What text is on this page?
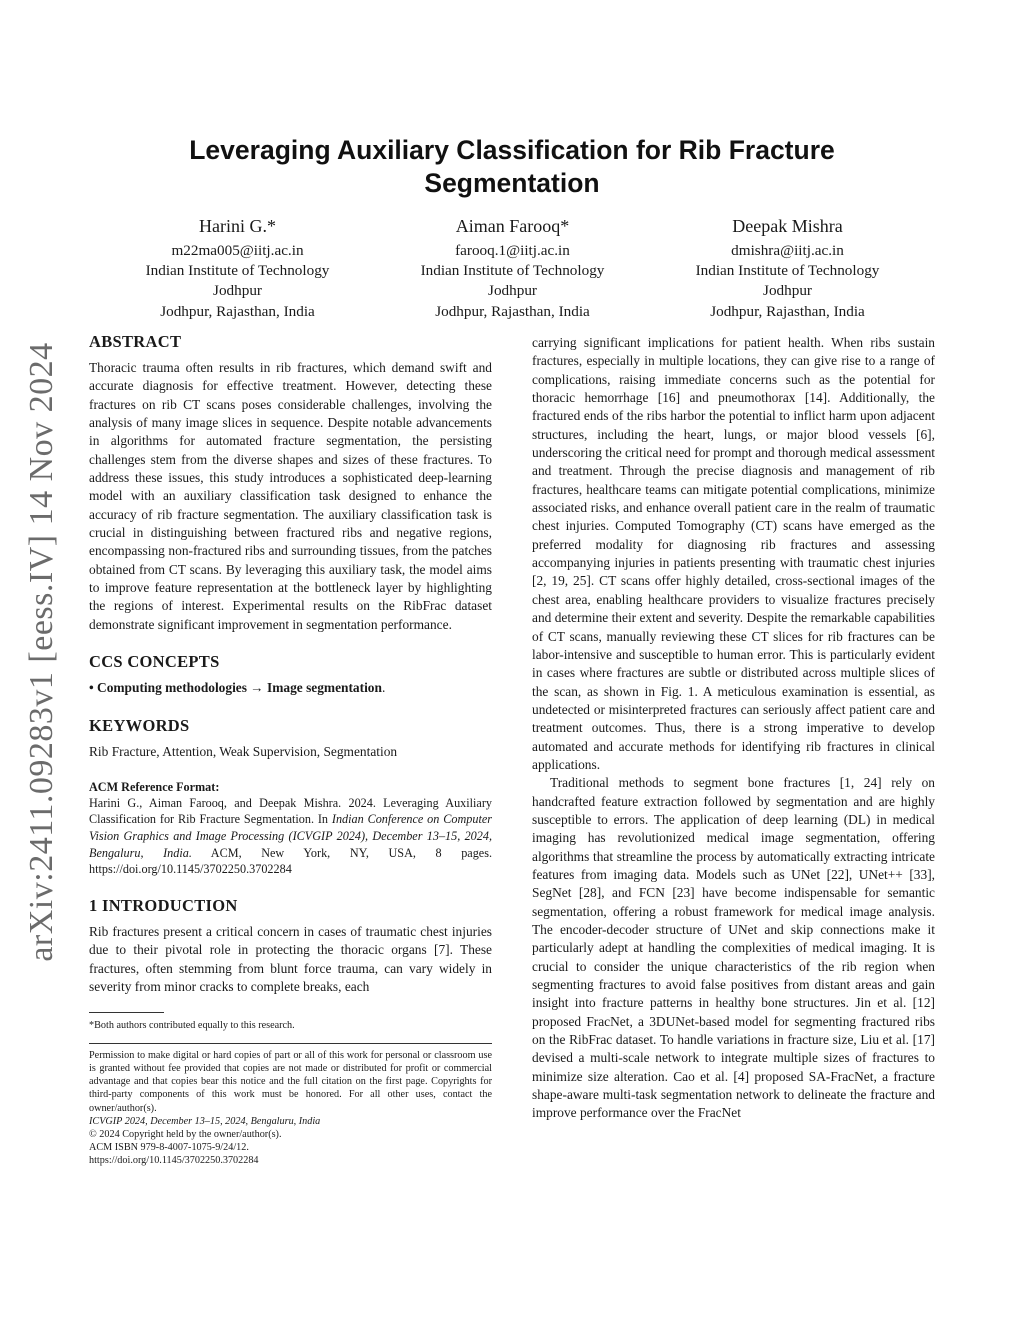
arXiv:2411.09283v1 [eess.IV] 14 Nov 2024
Leveraging Auxiliary Classification for Rib Fracture Segmentation
Harini G.*
m22ma005@iitj.ac.in
Indian Institute of Technology
Jodhpur
Jodhpur, Rajasthan, India
Aiman Farooq*
farooq.1@iitj.ac.in
Indian Institute of Technology
Jodhpur
Jodhpur, Rajasthan, India
Deepak Mishra
dmishra@iitj.ac.in
Indian Institute of Technology
Jodhpur
Jodhpur, Rajasthan, India
ABSTRACT

Thoracic trauma often results in rib fractures, which demand swift and accurate diagnosis for effective treatment. However, detecting these fractures on rib CT scans poses considerable challenges, involving the analysis of many image slices in sequence. Despite notable advancements in algorithms for automated fracture segmentation, the persisting challenges stem from the diverse shapes and sizes of these fractures. To address these issues, this study introduces a sophisticated deep-learning model with an auxiliary classification task designed to enhance the accuracy of rib fracture segmentation. The auxiliary classification task is crucial in distinguishing between fractured ribs and negative regions, encompassing non-fractured ribs and surrounding tissues, from the patches obtained from CT scans. By leveraging this auxiliary task, the model aims to improve feature representation at the bottleneck layer by highlighting the regions of interest. Experimental results on the RibFrac dataset demonstrate significant improvement in segmentation performance.

CCS CONCEPTS

• Computing methodologies → Image segmentation.

KEYWORDS

Rib Fracture, Attention, Weak Supervision, Segmentation

ACM Reference Format:

Harini G., Aiman Farooq, and Deepak Mishra. 2024. Leveraging Auxiliary Classification for Rib Fracture Segmentation. In Indian Conference on Computer Vision Graphics and Image Processing (ICVGIP 2024), December 13–15, 2024, Bengaluru, India. ACM, New York, NY, USA, 8 pages. https://doi.org/10.1145/3702250.3702284

1 INTRODUCTION

Rib fractures present a critical concern in cases of traumatic chest injuries due to their pivotal role in protecting the thoracic organs [7]. These fractures, often stemming from blunt force trauma, can vary widely in severity from minor cracks to complete breaks, each

*Both authors contributed equally to this research.
Permission to make digital or hard copies of part or all of this work for personal or classroom use is granted without fee provided that copies are not made or distributed for profit or commercial advantage and that copies bear this notice and the full citation on the first page. Copyrights for third-party components of this work must be honored. For all other uses, contact the owner/author(s).
ICVGIP 2024, December 13–15, 2024, Bengaluru, India
© 2024 Copyright held by the owner/author(s).
ACM ISBN 979-8-4007-1075-9/24/12.
https://doi.org/10.1145/3702250.3702284

carrying significant implications for patient health. When ribs sustain fractures, especially in multiple locations, they can give rise to a range of complications, raising immediate concerns such as the potential for thoracic hemorrhage [16] and pneumothorax [14]. Additionally, the fractured ends of the ribs harbor the potential to inflict harm upon adjacent structures, including the heart, lungs, or major blood vessels [6], underscoring the critical need for prompt and thorough medical assessment and treatment. Through the precise diagnosis and management of rib fractures, healthcare teams can mitigate potential complications, minimize associated risks, and enhance overall patient care in the realm of traumatic chest injuries. Computed Tomography (CT) scans have emerged as the preferred modality for diagnosing rib fractures and assessing accompanying injuries in patients presenting with traumatic chest injuries [2, 19, 25]. CT scans offer highly detailed, cross-sectional images of the chest area, enabling healthcare providers to visualize fractures precisely and determine their extent and severity. Despite the remarkable capabilities of CT scans, manually reviewing these CT slices for rib fractures can be labor-intensive and susceptible to human error. This is particularly evident in cases where fractures are subtle or distributed across multiple slices of the scan, as shown in Fig. 1. A meticulous examination is essential, as undetected or misinterpreted fractures can seriously affect patient care and treatment outcomes. Thus, there is a strong imperative to develop automated and accurate methods for identifying rib fractures in clinical applications.

Traditional methods to segment bone fractures [1, 24] rely on handcrafted feature extraction followed by segmentation and are highly susceptible to errors. The application of deep learning (DL) in medical imaging has revolutionized medical image segmentation, offering algorithms that streamline the process by automatically extracting intricate features from imaging data. Models such as UNet [22], UNet++ [33], SegNet [28], and FCN [23] have become indispensable for semantic segmentation, offering a robust framework for medical image analysis. The encoder-decoder structure of UNet and skip connections make it particularly adept at handling the complexities of medical imaging. It is crucial to consider the unique characteristics of the rib region when segmenting fractures to avoid false positives from distant areas and gain insight into fracture patterns in healthy bone structures. Jin et al. [12] proposed FracNet, a 3DUNet-based model for segmenting fractured ribs on the RibFrac dataset. To handle variations in fracture size, Liu et al. [17] devised a multi-scale network to integrate multiple sizes of fractures to minimize size alteration. Cao et al. [4] proposed SA-FracNet, a fracture shape-aware multi-task segmentation network to delineate the fracture and improve performance over the FracNet
